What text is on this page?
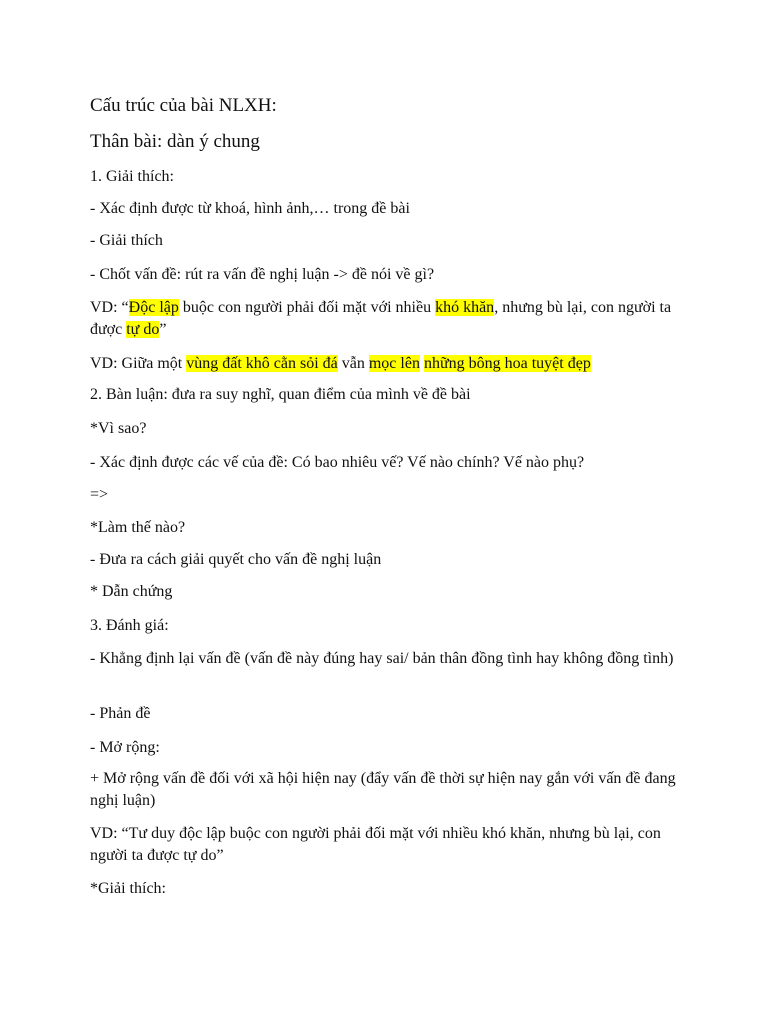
Cấu trúc của bài NLXH:
Thân bài: dàn ý chung
1. Giải thích:
- Xác định được từ khoá, hình ảnh,… trong đề bài
- Giải thích
- Chốt vấn đề: rút ra vấn đề nghị luận -> đề nói về gì?
VD: “Độc lập buộc con người phải đối mặt với nhiều khó khăn, nhưng bù lại, con người ta được tự do”
VD: Giữa một vùng đất khô cằn sỏi đá vẫn mọc lên những bông hoa tuyệt đẹp
2. Bàn luận: đưa ra suy nghĩ, quan điểm của mình về đề bài
*Vì sao?
- Xác định được các vế của đề: Có bao nhiêu vế? Vế nào chính? Vế nào phụ?
=>
*Làm thế nào?
- Đưa ra cách giải quyết cho vấn đề nghị luận
* Dẫn chứng
3. Đánh giá:
- Khẳng định lại vấn đề (vấn đề này đúng hay sai/ bản thân đồng tình hay không đồng tình)
- Phản đề
- Mở rộng:
+ Mở rộng vấn đề đối với xã hội hiện nay (đẩy vấn đề thời sự hiện nay gắn với vấn đề đang nghị luận)
VD: “Tư duy độc lập buộc con người phải đối mặt với nhiều khó khăn, nhưng bù lại, con người ta được tự do”
*Giải thích:
